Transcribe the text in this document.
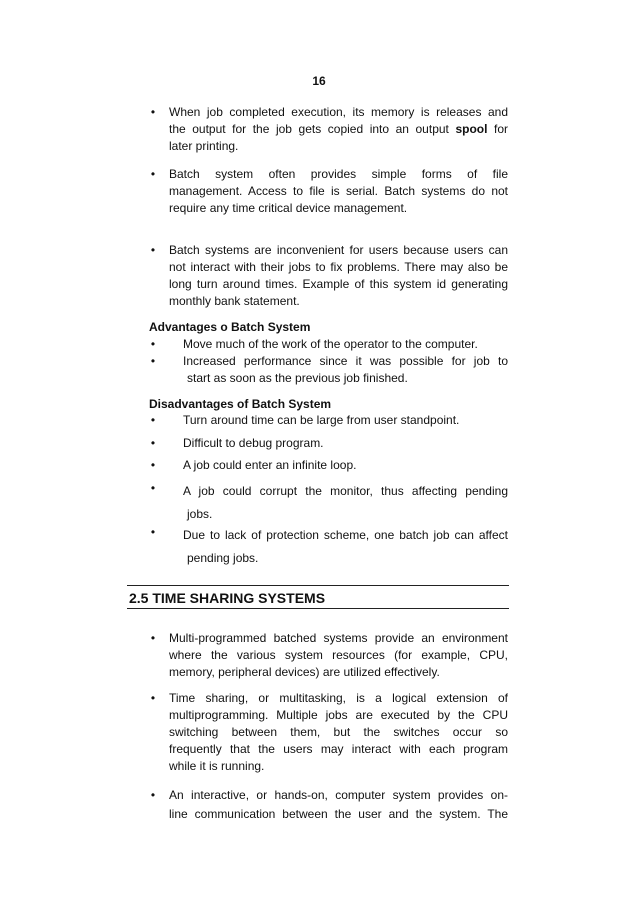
16
•	When job completed execution, its memory is releases and
the output for the job gets copied into an output spool for
later printing.
•	Batch system often provides simple forms of file
management. Access to file is serial. Batch systems do not
require any time critical device management.
•	Batch systems are inconvenient for users because users can
not interact with their jobs to fix problems. There may also be
long turn around times. Example of this system id generating
monthly bank statement.
Advantages o Batch System
•	Move much of the work of the operator to the computer.
•	Increased performance since it was possible for job to
start as soon as the previous job finished.
Disadvantages of Batch System
•	Turn around time can be large from user standpoint.
•	Difficult to debug program.
•	A job could enter an infinite loop.
•	A job could corrupt the monitor, thus affecting pending
jobs.
•	Due to lack of protection scheme, one batch job can affect
pending jobs.
2.5 TIME SHARING SYSTEMS
•	Multi-programmed batched systems provide an environment
where the various system resources (for example, CPU,
memory, peripheral devices) are utilized effectively.
•	Time sharing, or multitasking, is a logical extension of
multiprogramming. Multiple jobs are executed by the CPU
switching between them, but the switches occur so
frequently that the users may interact with each program
while it is running.
•	An interactive, or hands-on, computer system provides on-
line communication between the user and the system. The
